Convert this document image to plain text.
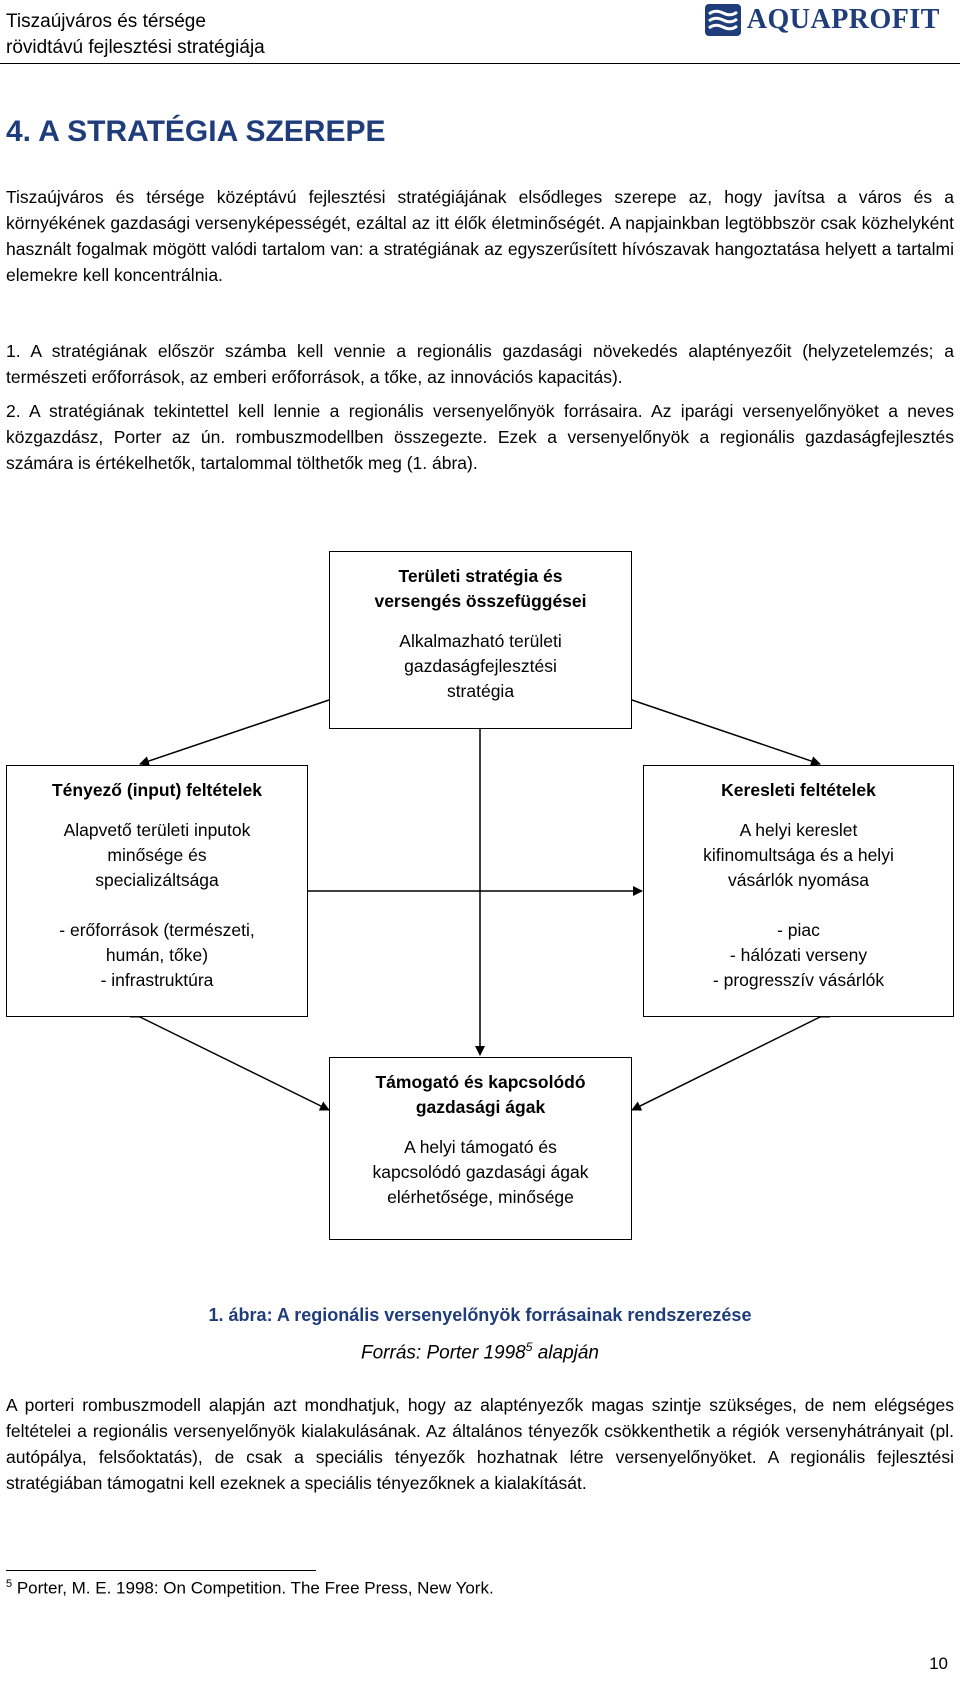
Tiszaújváros és térsége
rövidtávú fejlesztési stratégiája
AQUAPROFIT
4. A STRATÉGIA SZEREPE

Tiszaújváros és térsége középtávú fejlesztési stratégiájának elsődleges szerepe az, hogy javítsa a város és a környékének gazdasági versenyképességét, ezáltal az itt élők életminőségét. A napjainkban legtöbbször csak közhelyként használt fogalmak mögött valódi tartalom van: a stratégiának az egyszerűsített hívószavak hangoztatása helyett a tartalmi elemekre kell koncentrálnia.

1. A stratégiának először számba kell vennie a regionális gazdasági növekedés alaptényezőit (helyzetelemzés; a természeti erőforrások, az emberi erőforrások, a tőke, az innovációs kapacitás).

2. A stratégiának tekintettel kell lennie a regionális versenyelőnyök forrásaira. Az iparági versenyelőnyöket a neves közgazdász, Porter az ún. rombuszmodellben összegezte. Ezek a versenyelőnyök a regionális gazdaságfejlesztés számára is értékelhetők, tartalommal tölthetők meg (1. ábra).

Területi stratégia és
versengés összefüggései
Alkalmazható területi
gazdaságfejlesztési
stratégia
Tényező (input) feltételek
Alapvető területi inputok
minősége és
specializáltsága
- erőforrások (természeti,
humán, tőke)
- infrastruktúra
Keresleti feltételek
A helyi kereslet
kifinomultsága és a helyi
vásárlók nyomása
- piac
- hálózati verseny
- progresszív vásárlók
Támogató és kapcsolódó
gazdasági ágak
A helyi támogató és
kapcsolódó gazdasági ágak
elérhetősége, minősége
1. ábra: A regionális versenyelőnyök forrásainak rendszerezése
Forrás: Porter 1998$^5$ alapján

A porteri rombuszmodell alapján azt mondhatjuk, hogy az alaptényezők magas szintje szükséges, de nem elégséges feltételei a regionális versenyelőnyök kialakulásának. Az általános tényezők csökkenthetik a régiók versenyhátrányait (pl. autópálya, felsőoktatás), de csak a speciális tényezők hozhatnak létre versenyelőnyöket. A regionális fejlesztési stratégiában támogatni kell ezeknek a speciális tényezőknek a kialakítását.

$^5$ Porter, M. E. 1998: On Competition. The Free Press, New York.
10
